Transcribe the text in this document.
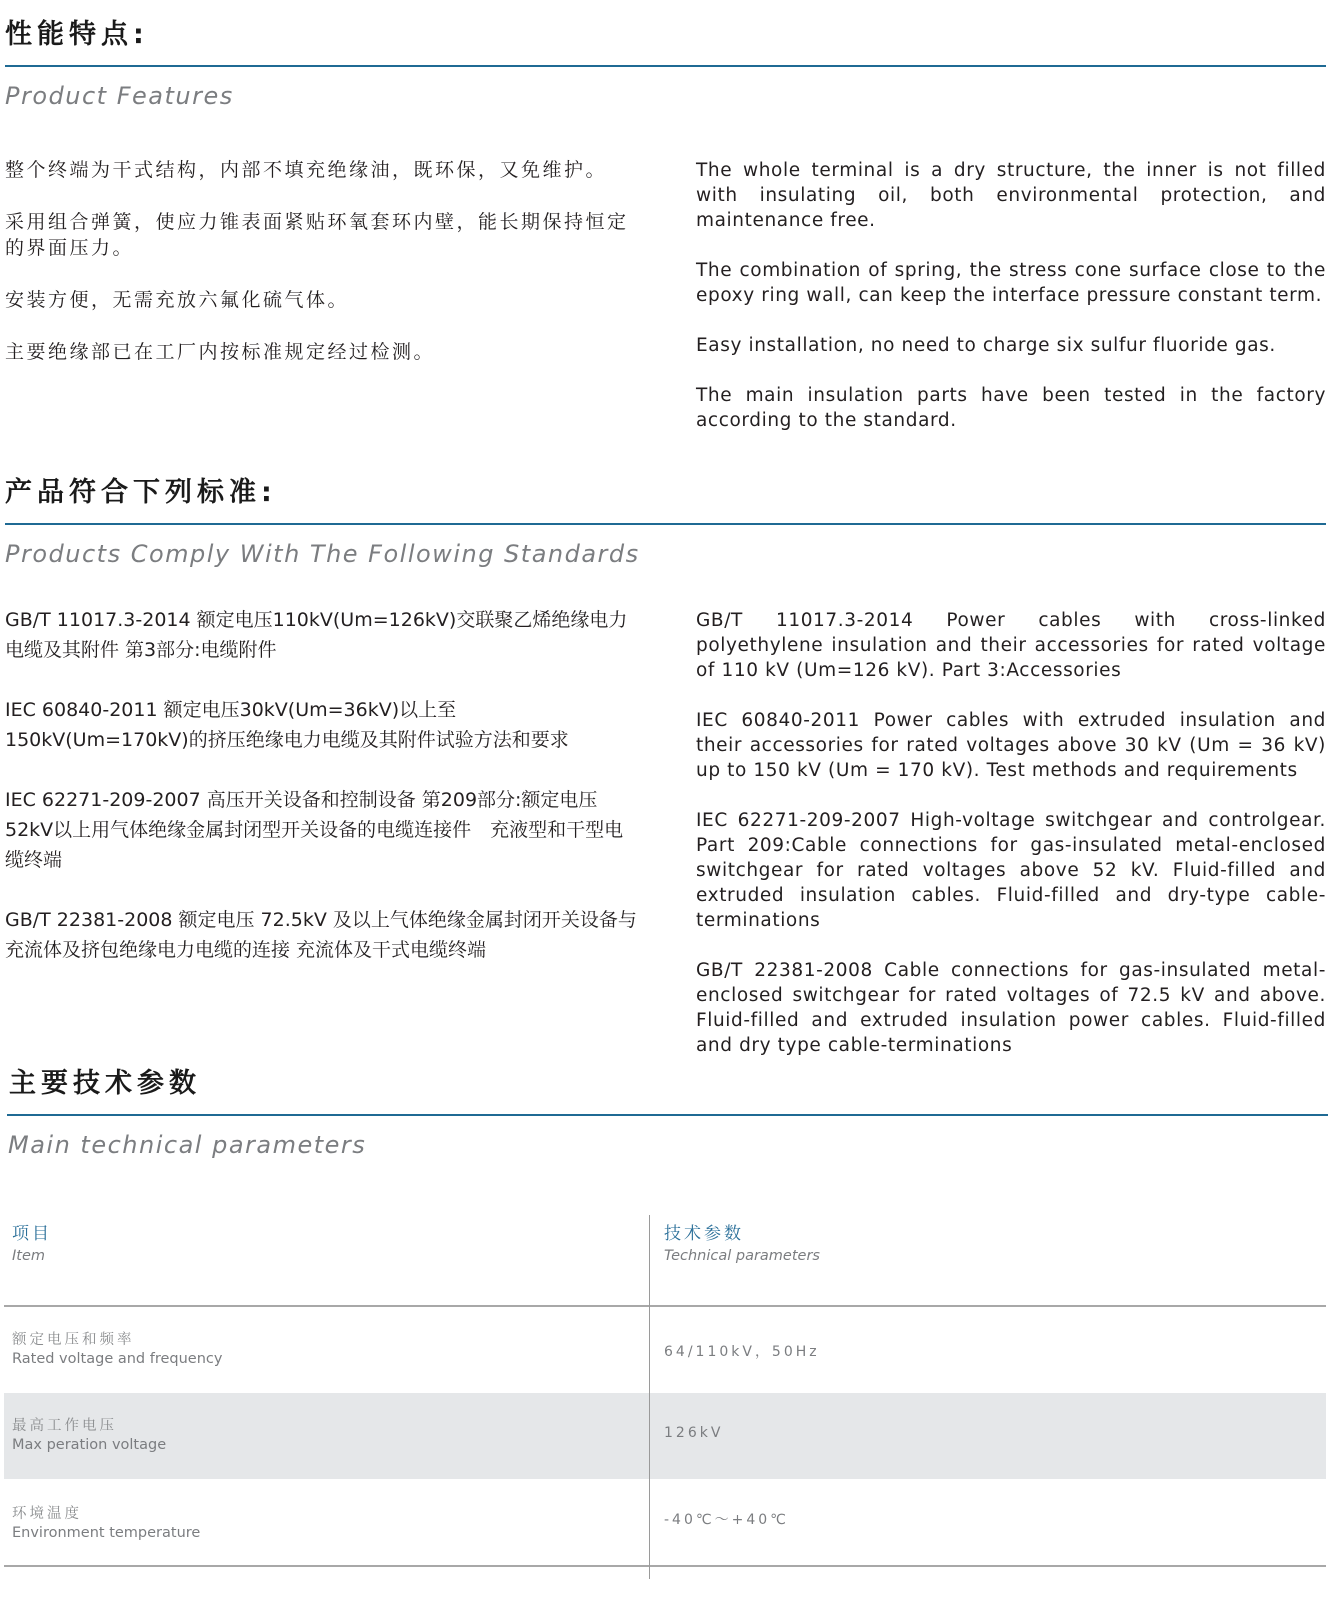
性能特点:
Product Features

整个终端为干式结构，内部不填充绝缘油，既环保，又免维护。

采用组合弹簧，使应力锥表面紧贴环氧套环内壁，能长期保持恒定的界面压力。

安装方便，无需充放六氟化硫气体。

主要绝缘部已在工厂内按标准规定经过检测。

The whole terminal is a dry structure, the inner is not filled with insulating oil, both environmental protection, and maintenance free.

The combination of spring, the stress cone surface close to the epoxy ring wall, can keep the interface pressure constant term.

Easy installation, no need to charge six sulfur fluoride gas.

The main insulation parts have been tested in the factory according to the standard.

产品符合下列标准:
Products Comply With The Following Standards

GB/T 11017.3-2014 额定电压110kV(Um=126kV)交联聚乙烯绝缘电力电缆及其附件 第3部分:电缆附件

IEC 60840-2011 额定电压30kV(Um=36kV)以上至150kV(Um=170kV)的挤压绝缘电力电缆及其附件试验方法和要求

IEC 62271-209-2007 高压开关设备和控制设备 第209部分:额定电压52kV以上用气体绝缘金属封闭型开关设备的电缆连接件　充液型和干型电缆终端

GB/T 22381-2008 额定电压 72.5kV 及以上气体绝缘金属封闭开关设备与充流体及挤包绝缘电力电缆的连接 充流体及干式电缆终端

GB/T 11017.3-2014 Power cables with cross-linked polyethylene insulation and their accessories for rated voltage of 110 kV (Um=126 kV). Part 3:Accessories

IEC 60840-2011 Power cables with extruded insulation and their accessories for rated voltages above 30 kV (Um = 36 kV) up to 150 kV (Um = 170 kV). Test methods and requirements

IEC 62271-209-2007 High-voltage switchgear and controlgear. Part 209:Cable connections for gas-insulated metal-enclosed switchgear for rated voltages above 52 kV. Fluid-filled and extruded insulation cables. Fluid-filled and dry-type cable-terminations

GB/T 22381-2008 Cable connections for gas-insulated metal-enclosed switchgear for rated voltages of 72.5 kV and above. Fluid-filled and extruded insulation power cables. Fluid-filled and dry type cable-terminations

主要技术参数
Main technical parameters
项目
Item
技术参数
Technical parameters
额定电压和频率
Rated voltage and frequency	64/110kV，50Hz
最高工作电压
Max peration voltage
126kV
环境温度
Environment temperature
-40℃～+40℃
